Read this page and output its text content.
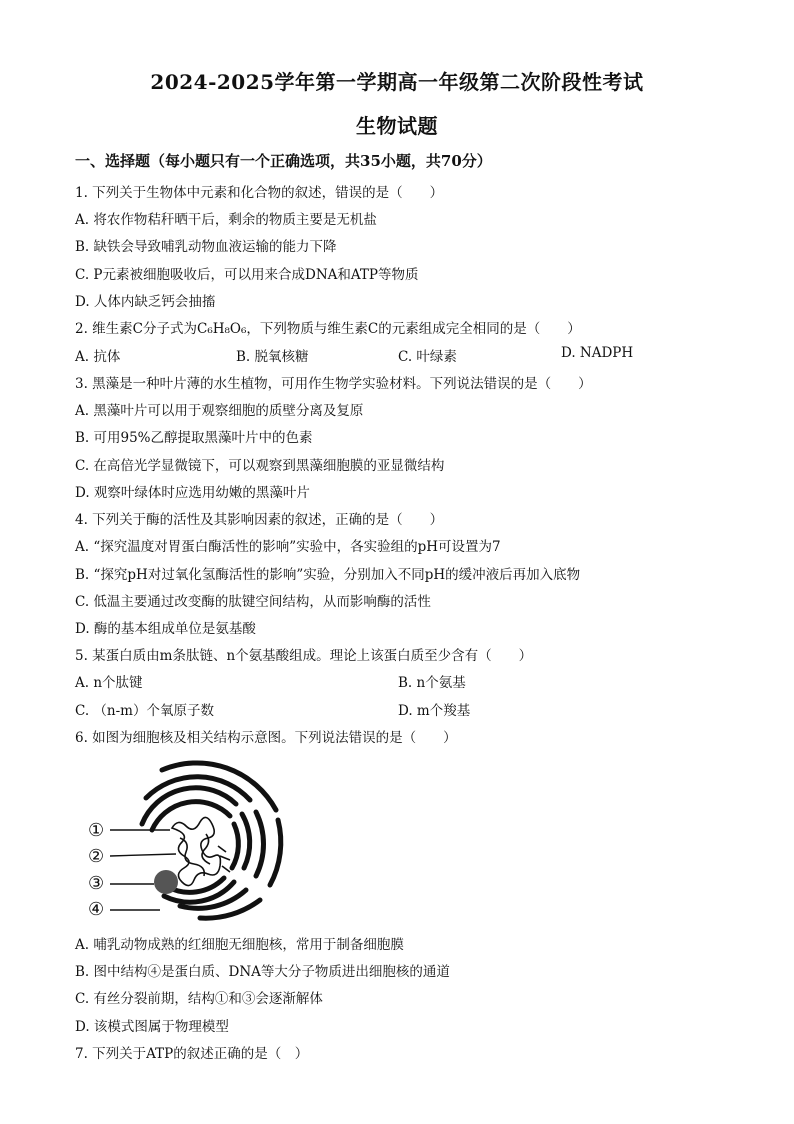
2024-2025学年第一学期高一年级第二次阶段性考试
生物试题
一、选择题（每小题只有一个正确选项，共35小题，共70分）
1. 下列关于生物体中元素和化合物的叙述，错误的是（　　）
A. 将农作物秸秆晒干后，剩余的物质主要是无机盐
B. 缺铁会导致哺乳动物血液运输的能力下降
C. P元素被细胞吸收后，可以用来合成DNA和ATP等物质
D. 人体内缺乏钙会抽搐
2. 维生素C分子式为C₆H₈O₆，下列物质与维生素C的元素组成完全相同的是（　　）
A. 抗体	B. 脱氧核糖	C. 叶绿素	D. NADPH
3. 黑藻是一种叶片薄的水生植物，可用作生物学实验材料。下列说法错误的是（　　）
A. 黑藻叶片可以用于观察细胞的质壁分离及复原
B. 可用95%乙醇提取黑藻叶片中的色素
C. 在高倍光学显微镜下，可以观察到黑藻细胞膜的亚显微结构
D. 观察叶绿体时应选用幼嫩的黑藻叶片
4. 下列关于酶的活性及其影响因素的叙述，正确的是（　　）
A. “探究温度对胃蛋白酶活性的影响”实验中，各实验组的pH可设置为7
B. “探究pH对过氧化氢酶活性的影响”实验，分别加入不同pH的缓冲液后再加入底物
C. 低温主要通过改变酶的肽键空间结构，从而影响酶的活性
D. 酶的基本组成单位是氨基酸
5. 某蛋白质由m条肽链、n个氨基酸组成。理论上该蛋白质至少含有（　　）
A. n个肽键	B. n个氨基
C. （n-m）个氧原子数	D. m个羧基
6. 如图为细胞核及相关结构示意图。下列说法错误的是（　　）
①
②
③
④
A. 哺乳动物成熟的红细胞无细胞核，常用于制备细胞膜
B. 图中结构④是蛋白质、DNA等大分子物质进出细胞核的通道
C. 有丝分裂前期，结构①和③会逐渐解体
D. 该模式图属于物理模型
7. 下列关于ATP的叙述正确的是（　）
